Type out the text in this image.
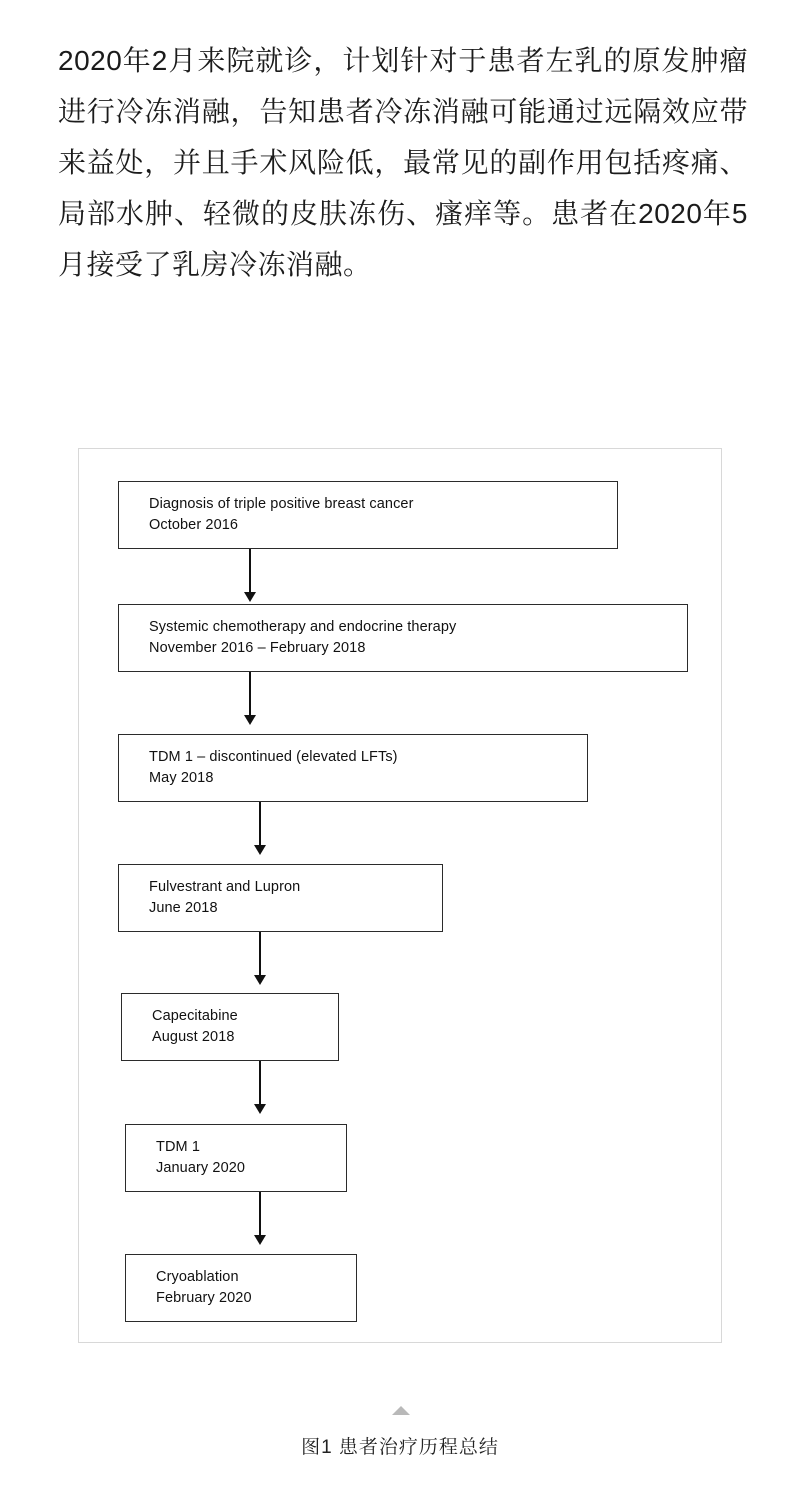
2020年2月来院就诊，计划针对于患者左乳的原发肿瘤进行冷冻消融，告知患者冷冻消融可能通过远隔效应带来益处，并且手术风险低，最常见的副作用包括疼痛、局部水肿、轻微的皮肤冻伤、瘙痒等。患者在2020年5月接受了乳房冷冻消融。
Diagnosis of triple positive breast cancer
October 2016
Systemic chemotherapy and endocrine therapy
November 2016 – February 2018
TDM 1 – discontinued (elevated LFTs)
May 2018
Fulvestrant and Lupron
June 2018
Capecitabine
August 2018
TDM 1
January 2020
Cryoablation
February 2020
图1 患者治疗历程总结
